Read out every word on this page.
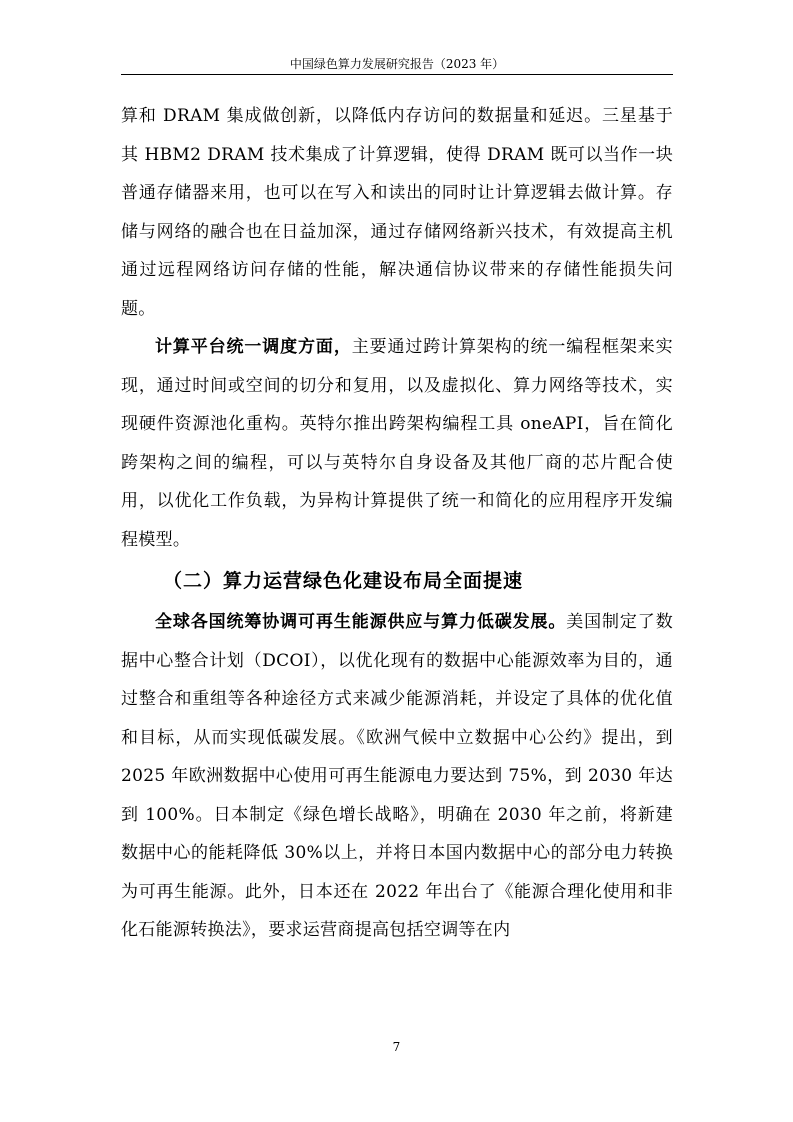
中国绿色算力发展研究报告（2023 年）

算和 DRAM 集成做创新，以降低内存访问的数据量和延迟。三星基于其 HBM2 DRAM 技术集成了计算逻辑，使得 DRAM 既可以当作一块普通存储器来用，也可以在写入和读出的同时让计算逻辑去做计算。存储与网络的融合也在日益加深，通过存储网络新兴技术，有效提高主机通过远程网络访问存储的性能，解决通信协议带来的存储性能损失问题。

计算平台统一调度方面，主要通过跨计算架构的统一编程框架来实现，通过时间或空间的切分和复用，以及虚拟化、算力网络等技术，实现硬件资源池化重构。英特尔推出跨架构编程工具 oneAPI，旨在简化跨架构之间的编程，可以与英特尔自身设备及其他厂商的芯片配合使用，以优化工作负载，为异构计算提供了统一和简化的应用程序开发编程模型。

（二）算力运营绿色化建设布局全面提速

全球各国统筹协调可再生能源供应与算力低碳发展。美国制定了数据中心整合计划（DCOI），以优化现有的数据中心能源效率为目的，通过整合和重组等各种途径方式来减少能源消耗，并设定了具体的优化值和目标，从而实现低碳发展。《欧洲气候中立数据中心公约》提出，到 2025 年欧洲数据中心使用可再生能源电力要达到 75%，到 2030 年达到 100%。日本制定《绿色增长战略》，明确在 2030 年之前，将新建数据中心的能耗降低 30%以上，并将日本国内数据中心的部分电力转换为可再生能源。此外，日本还在 2022 年出台了《能源合理化使用和非化石能源转换法》，要求运营商提高包括空调等在内

7
